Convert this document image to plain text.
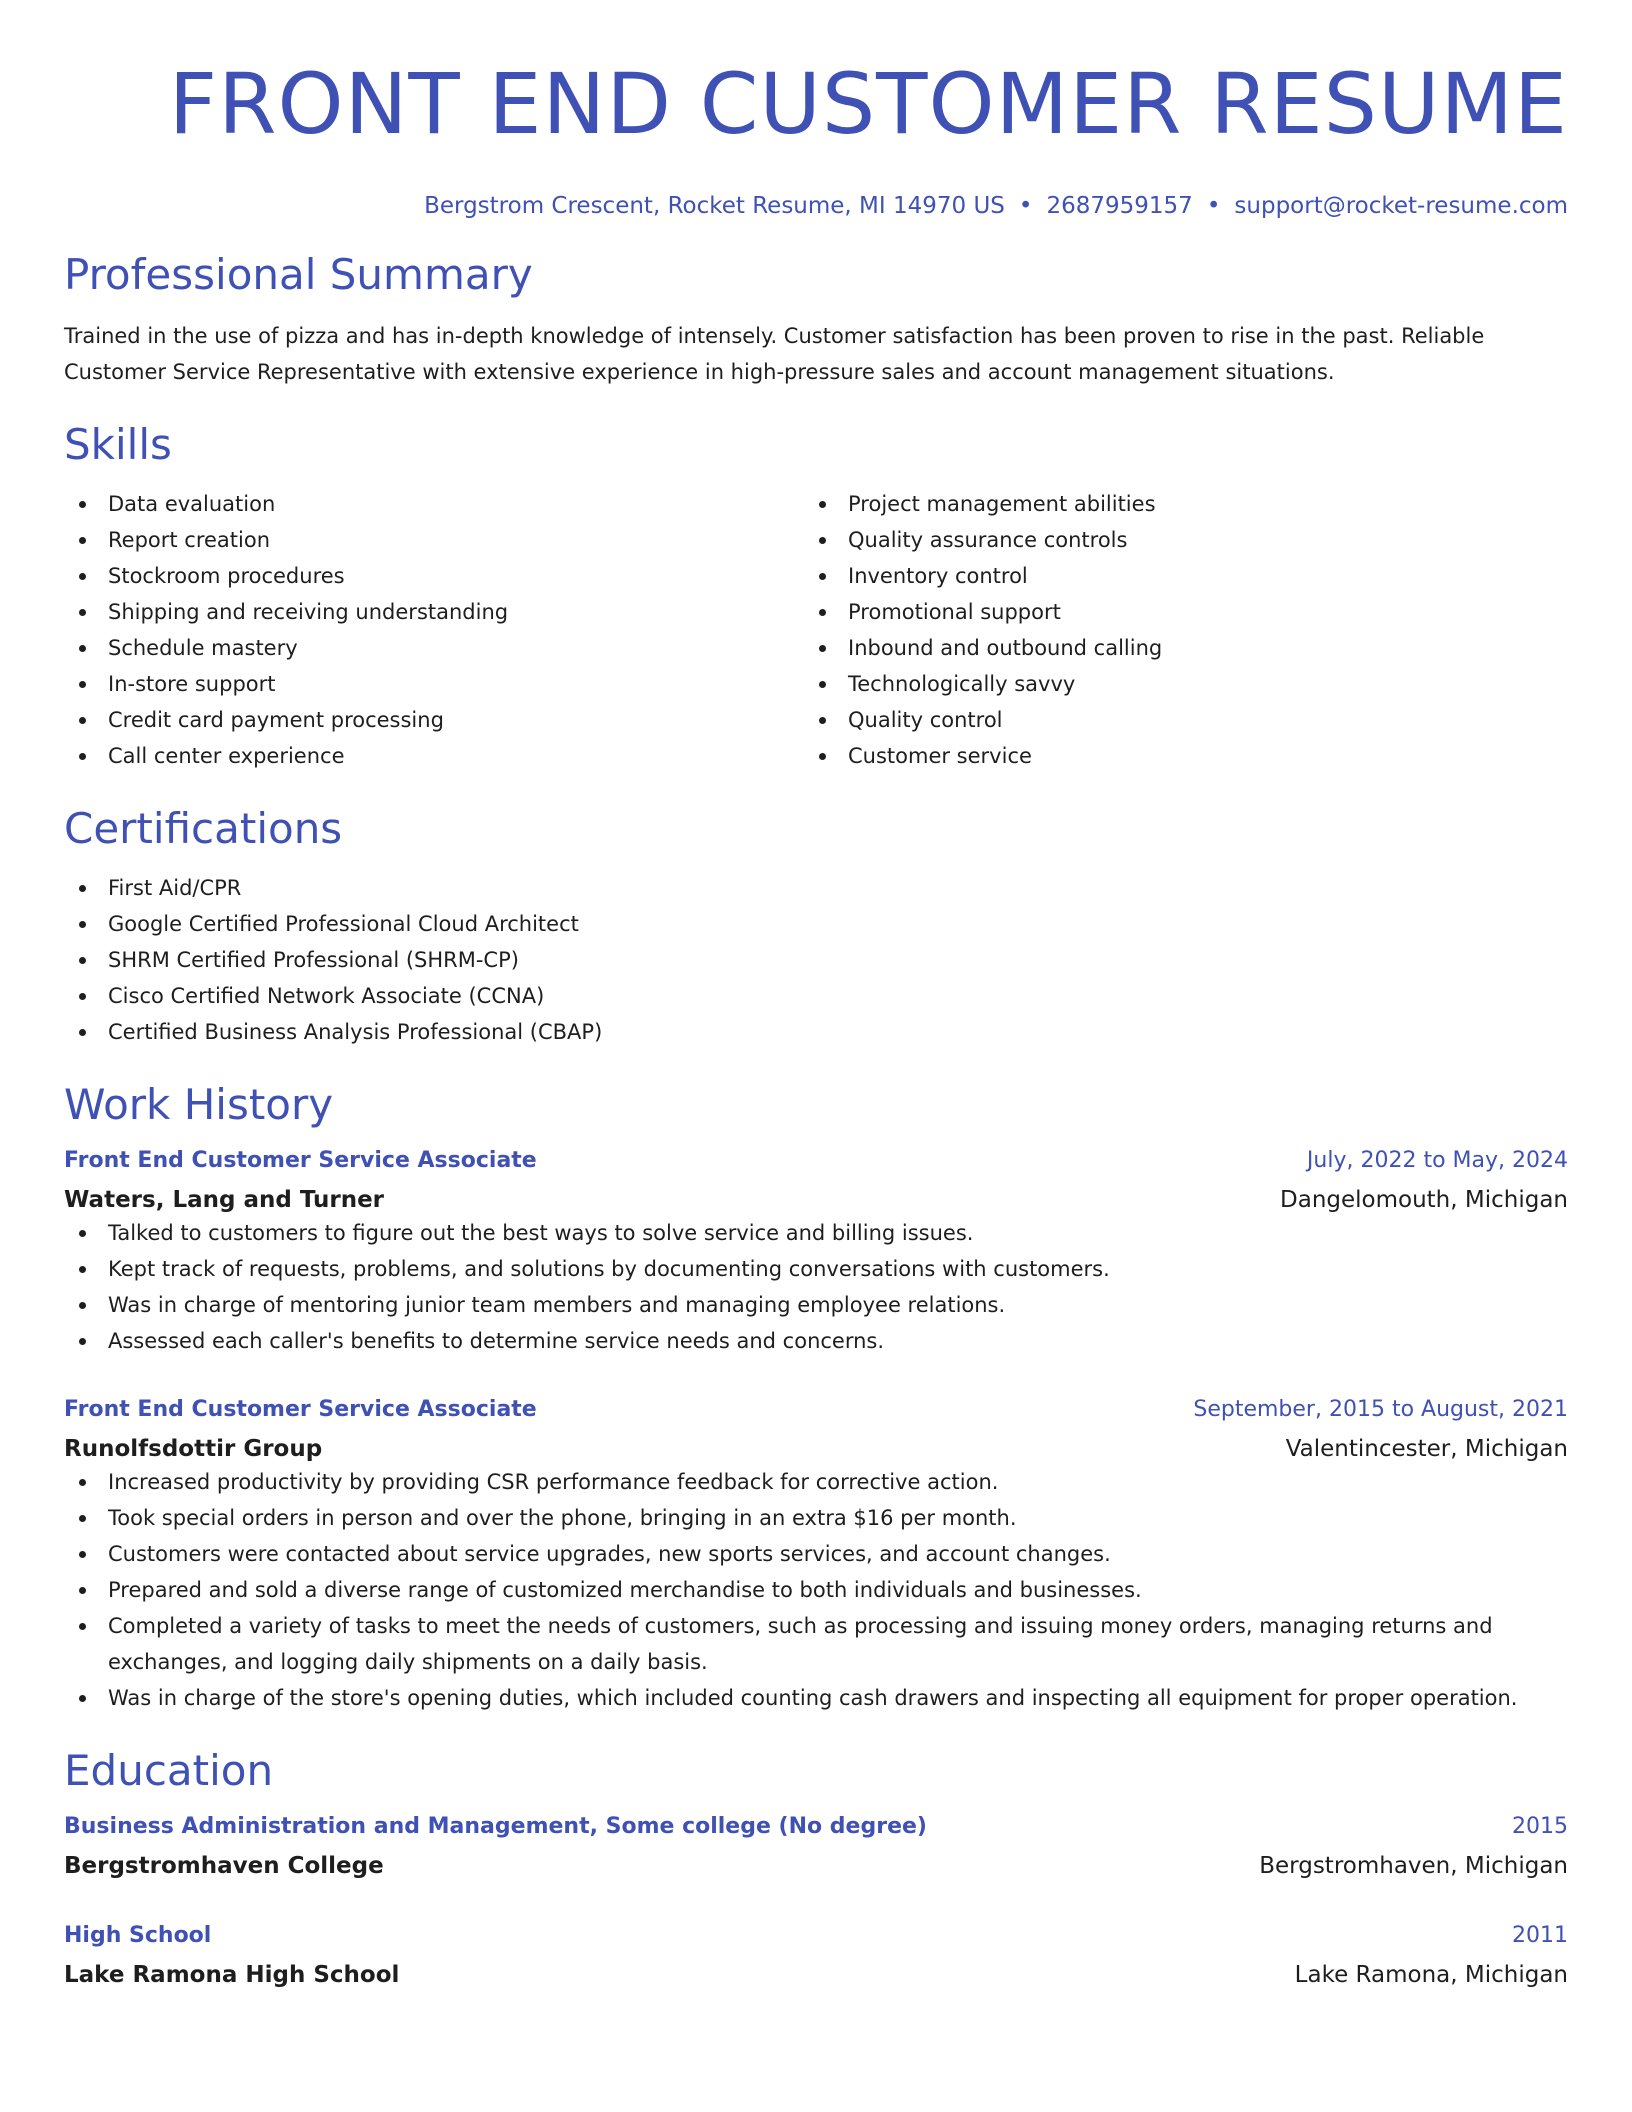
FRONT END CUSTOMER RESUME
Bergstrom Crescent, Rocket Resume, MI 14970 US • 2687959157 • support@rocket-resume.com
Professional Summary

Trained in the use of pizza and has in-depth knowledge of intensely. Customer satisfaction has been proven to rise in the past. Reliable Customer Service Representative with extensive experience in high-pressure sales and account management situations.

Skills
Data evaluation
Report creation
Stockroom procedures
Shipping and receiving understanding
Schedule mastery
In-store support
Credit card payment processing
Call center experience
Project management abilities
Quality assurance controls
Inventory control
Promotional support
Inbound and outbound calling
Technologically savvy
Quality control
Customer service
Certifications
First Aid/CPR
Google Certified Professional Cloud Architect
SHRM Certified Professional (SHRM-CP)
Cisco Certified Network Associate (CCNA)
Certified Business Analysis Professional (CBAP)
Work History
Front End Customer Service Associate	July, 2022 to May, 2024
Waters, Lang and Turner	Dangelomouth, Michigan
Talked to customers to figure out the best ways to solve service and billing issues.
Kept track of requests, problems, and solutions by documenting conversations with customers.
Was in charge of mentoring junior team members and managing employee relations.
Assessed each caller's benefits to determine service needs and concerns.
Front End Customer Service Associate	September, 2015 to August, 2021
Runolfsdottir Group	Valentincester, Michigan
Increased productivity by providing CSR performance feedback for corrective action.
Took special orders in person and over the phone, bringing in an extra $16 per month.
Customers were contacted about service upgrades, new sports services, and account changes.
Prepared and sold a diverse range of customized merchandise to both individuals and businesses.
Completed a variety of tasks to meet the needs of customers, such as processing and issuing money orders, managing returns and exchanges, and logging daily shipments on a daily basis.
Was in charge of the store's opening duties, which included counting cash drawers and inspecting all equipment for proper operation.
Education
Business Administration and Management, Some college (No degree)	2015
Bergstromhaven College	Bergstromhaven, Michigan
High School	2011
Lake Ramona High School	Lake Ramona, Michigan
